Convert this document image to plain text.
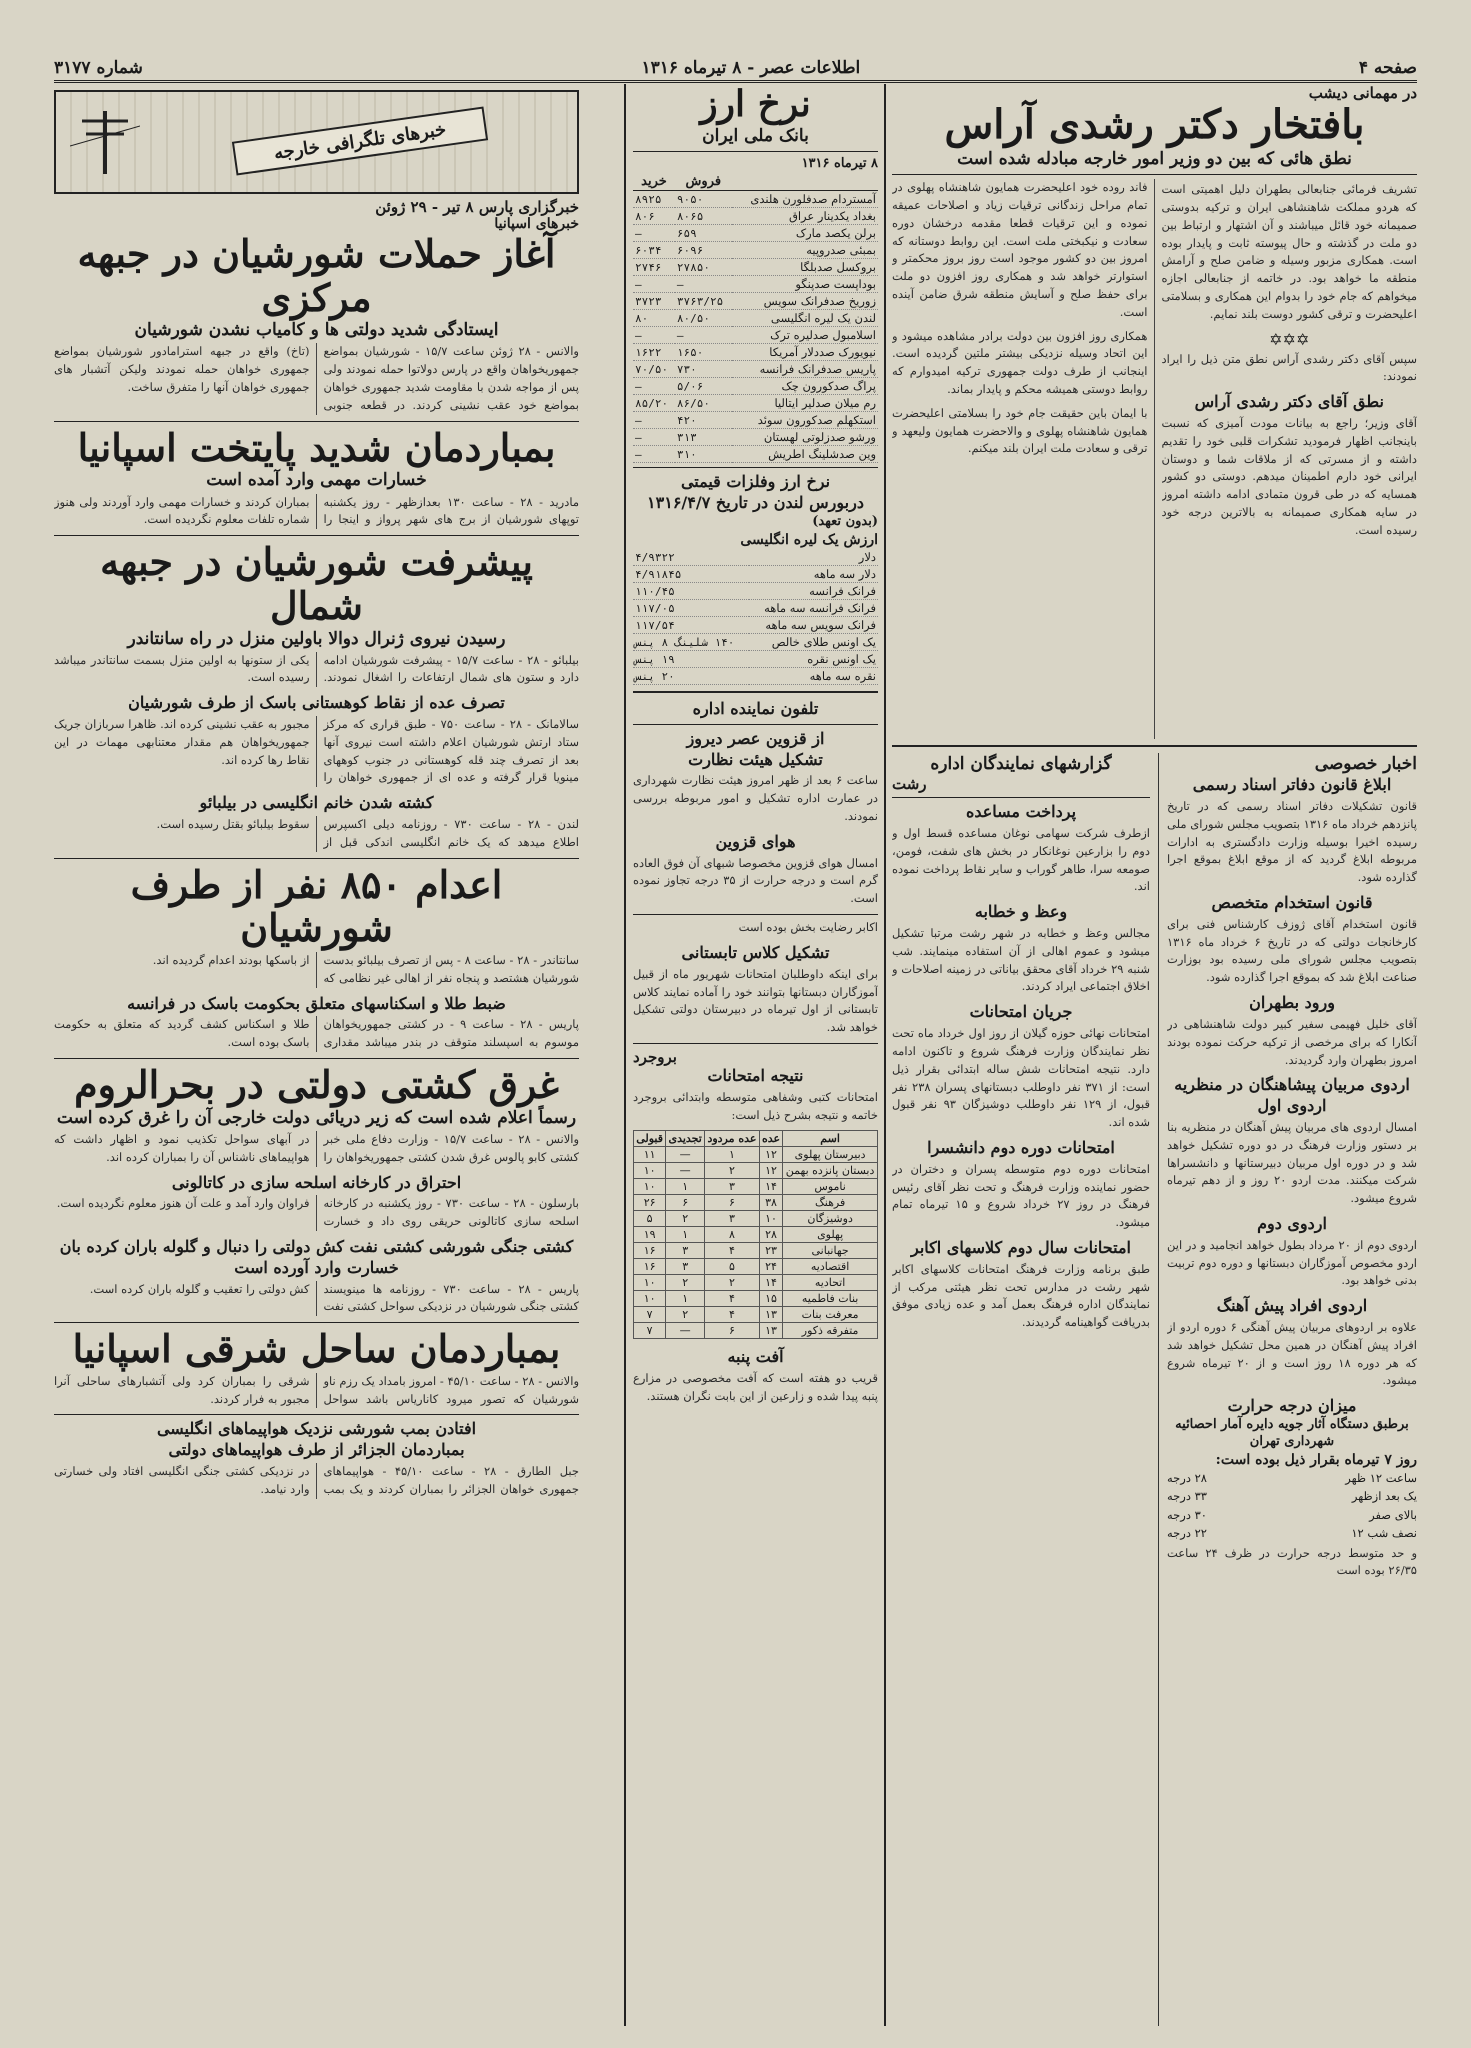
صفحه ۴
اطلاعات عصر - ۸ تیرماه ۱۳۱۶
شماره ۳۱۷۷
در مهمانی دیشب
بافتخار دکتر رشدی آراس
نطق هائی که بین دو وزیر امور خارجه مبادله شده است

تشریف فرمائی جنابعالی بطهران دلیل اهمیتی است که هردو مملکت شاهنشاهی ایران و ترکیه بدوستی صمیمانه خود قائل میباشند و آن اشتهار و ارتباط بین دو ملت در گذشته و حال پیوسته ثابت و پایدار بوده است. همکاری مزبور وسیله و ضامن صلح و آرامش منطقه ما خواهد بود. در خاتمه از جنابعالی اجازه میخواهم که جام خود را بدوام این همکاری و بسلامتی اعلیحضرت و ترقی کشور دوست بلند نمایم.

✡✡✡

سپس آقای دکتر رشدی آراس نطق متن ذیل را ایراد نمودند:

نطق آقای دکتر رشدی آراس

آقای وزیر؛ راجع به بیانات مودت آمیزی که نسبت باینجانب اظهار فرمودید تشکرات قلبی خود را تقدیم داشته و از مسرتی که از ملاقات شما و دوستان ایرانی خود دارم اطمینان میدهم. دوستی دو کشور همسایه که در طی قرون متمادی ادامه داشته امروز در سایه همکاری صمیمانه به بالاترین درجه خود رسیده است.

فاند روده خود اعلیحضرت همایون شاهنشاه پهلوی در تمام مراحل زندگانی ترقیات زیاد و اصلاحات عمیقه نموده و این ترقیات قطعا مقدمه درخشان دوره سعادت و نیکبختی ملت است. این روابط دوستانه که امروز بین دو کشور موجود است روز بروز محکمتر و استوارتر خواهد شد و همکاری روز افزون دو ملت برای حفظ صلح و آسایش منطقه شرق ضامن آینده است.

همکاری روز افزون بین دولت برادر مشاهده میشود و این اتحاد وسیله نزدیکی بیشتر ملتین گردیده است. اینجانب از طرف دولت جمهوری ترکیه امیدوارم که روابط دوستی همیشه محکم و پایدار بماند.

با ایمان باین حقیقت جام خود را بسلامتی اعلیحضرت همایون شاهنشاه پهلوی و والاحضرت همایون ولیعهد و ترقی و سعادت ملت ایران بلند میکنم.

اخبار خصوصی
ابلاغ قانون دفاتر اسناد رسمی

قانون تشکیلات دفاتر اسناد رسمی که در تاریخ پانزدهم خرداد ماه ۱۳۱۶ بتصویب مجلس شورای ملی رسیده اخیرا بوسیله وزارت دادگستری به ادارات مربوطه ابلاغ گردید که از موقع ابلاغ بموقع اجرا گذارده شود.

قانون استخدام متخصص

قانون استخدام آقای ژوزف کارشناس فنی برای کارخانجات دولتی که در تاریخ ۶ خرداد ماه ۱۳۱۶ بتصویب مجلس شورای ملی رسیده بود بوزارت صناعت ابلاغ شد که بموقع اجرا گذارده شود.

ورود بطهران

آقای خلیل فهیمی سفیر کبیر دولت شاهنشاهی در آنکارا که برای مرخصی از ترکیه حرکت نموده بودند امروز بطهران وارد گردیدند.

اردوی مربیان پیشاهنگان در منظریه
اردوی اول

امسال اردوی های مربیان پیش آهنگان در منظریه بنا بر دستور وزارت فرهنگ در دو دوره تشکیل خواهد شد و در دوره اول مربیان دبیرستانها و دانشسراها شرکت میکنند. مدت اردو ۲۰ روز و از دهم تیرماه شروع میشود.

اردوی دوم

اردوی دوم از ۲۰ مرداد بطول خواهد انجامید و در این اردو مخصوص آموزگاران دبستانها و دوره دوم تربیت بدنی خواهد بود.

اردوی افراد پیش آهنگ

علاوه بر اردوهای مربیان پیش آهنگی ۶ دوره اردو از افراد پیش آهنگان در همین محل تشکیل خواهد شد که هر دوره ۱۸ روز است و از ۲۰ تیرماه شروع میشود.

میزان درجه حرارت
برطبق دستگاه آثار جویه دایره آمار احصائیه شهرداری تهران
روز ۷ تیرماه بقرار ذیل بوده است:
ساعت ۱۲ ظهر
۲۸ درجه
یک بعد ازظهر
۳۳ درجه
بالای صفر
۳۰ درجه
نصف شب ۱۲
۲۲ درجه

و حد متوسط درجه حرارت در ظرف ۲۴ ساعت ۲۶/۳۵ بوده است

گزارشهای نمایندگان اداره
رشت
پرداخت مساعده

ازطرف شرکت سهامی نوغان مساعده قسط اول و دوم را بزارعین نوغانکار در بخش های شفت، فومن، صومعه سرا، طاهر گوراب و سایر نقاط پرداخت نموده اند.

وعظ و خطابه

مجالس وعظ و خطابه در شهر رشت مرتبا تشکیل میشود و عموم اهالی از آن استفاده مینمایند. شب شنبه ۲۹ خرداد آقای محقق بیاناتی در زمینه اصلاحات و اخلاق اجتماعی ایراد کردند.

جریان امتحانات

امتحانات نهائی حوزه گیلان از روز اول خرداد ماه تحت نظر نمایندگان وزارت فرهنگ شروع و تاکنون ادامه دارد. نتیجه امتحانات شش ساله ابتدائی بقرار ذیل است: از ۳۷۱ نفر داوطلب دبستانهای پسران ۲۳۸ نفر قبول، از ۱۲۹ نفر داوطلب دوشیزگان ۹۳ نفر قبول شده اند.

امتحانات دوره دوم دانشسرا

امتحانات دوره دوم متوسطه پسران و دختران در حضور نماینده وزارت فرهنگ و تحت نظر آقای رئیس فرهنگ در روز ۲۷ خرداد شروع و ۱۵ تیرماه تمام میشود.

امتحانات سال دوم کلاسهای اکابر

طبق برنامه وزارت فرهنگ امتحانات کلاسهای اکابر شهر رشت در مدارس تحت نظر هیئتی مرکب از نمایندگان اداره فرهنگ بعمل آمد و عده زیادی موفق بدریافت گواهینامه گردیدند.

نرخ ارز
بانک ملی ایران
۸ تیرماه ۱۳۱۶
	فروش	خرید
آمستردام صدفلورن هلندی	۹۰۵۰	۸۹۲۵
بغداد یکدینار عراق	۸۰۶۵	۸۰۶
برلن یکصد مارک	۶۵۹	—
بمبئی صدروپیه	۶۰۹۶	۶۰۳۴
بروکسل صدبلگا	۲۷۸۵۰	۲۷۴۶
بوداپست صدپنگو	—	—
زوریخ صدفرانک سویس	۳۷۶۳/۲۵	۳۷۲۳
لندن یک لیره انگلیسی	۸۰/۵۰	۸۰
اسلامبول صدلیره ترک	—	—
نیویورک صددلار آمریکا	۱۶۵۰	۱۶۲۲
پاریس صدفرانک فرانسه	۷۳۰	۷۰/۵۰
پراگ صدکورون چک	۵/۰۶	—
رم میلان صدلیر ایتالیا	۸۶/۵۰	۸۵/۲۰
استکهلم صدکورون سوئد	۴۲۰	—
ورشو صدزلوتی لهستان	۳۱۳	—
وین صدشلینگ اطریش	۳۱۰	—
نرخ ارز وفلزات قیمتی
دربورس لندن در تاریخ ۱۳۱۶/۴/۷
(بدون تعهد)
ارزش یک لیره انگلیسی
دلار	۴/۹۳۲۲
دلار سه ماهه	۴/۹۱۸۴۵
فرانک فرانسه	۱۱۰/۴۵
فرانک فرانسه سه ماهه	۱۱۷/۰۵
فرانک سویس سه ماهه	۱۱۷/۵۴
یک اونس طلای خالص	۱۴۰ شلینگ ۸ پنس
یک اونس نقره	۱۹ پنس
نقره سه ماهه	۲۰ پنس
تلفون نماینده اداره
از قزوین عصر دیروز
تشکیل هیئت نظارت

ساعت ۶ بعد از ظهر امروز هیئت نظارت شهرداری در عمارت اداره تشکیل و امور مربوطه بررسی نمودند.

هوای قزوین

امسال هوای قزوین مخصوصا شبهای آن فوق العاده گرم است و درجه حرارت از ۳۵ درجه تجاوز نموده است.

اکابر رضایت بخش بوده است

تشکیل کلاس تابستانی

برای اینکه داوطلبان امتحانات شهریور ماه از قبیل آموزگاران دبستانها بتوانند خود را آماده نمایند کلاس تابستانی از اول تیرماه در دبیرستان دولتی تشکیل خواهد شد.

بروجرد
نتیجه امتحانات

امتحانات کتبی وشفاهی متوسطه وابتدائی بروجرد خاتمه و نتیجه بشرح ذیل است:

اسم	عده	عده مردود	تجدیدی	قبولی
دبیرستان پهلوی	۱۲	۱	—	۱۱
دبستان پانزده بهمن	۱۲	۲	—	۱۰
ناموس	۱۴	۳	۱	۱۰
فرهنگ	۳۸	۶	۶	۲۶
دوشیزگان	۱۰	۳	۲	۵
پهلوی	۲۸	۸	۱	۱۹
جهانبانی	۲۳	۴	۳	۱۶
اقتصادیه	۲۴	۵	۳	۱۶
اتحادیه	۱۴	۲	۲	۱۰
بنات فاطمیه	۱۵	۴	۱	۱۰
معرفت بنات	۱۳	۴	۲	۷
متفرقه ذکور	۱۳	۶	—	۷
آفت پنبه

قریب دو هفته است که آفت مخصوصی در مزارع پنبه پیدا شده و زارعین از این بابت نگران هستند.

خبرهای تلگرافی خارجه
خبرگزاری پارس ۸ تیر - ۲۹ ژوئن
خبرهای اسپانیا
آغاز حملات شورشیان در جبهه مرکزی
ایستادگی شدید دولتی ها و کامیاب نشدن شورشیان

والانس - ۲۸ ژوئن ساعت ۱۵/۷ - شورشیان بمواضع جمهوریخواهان واقع در پارس دولاتوا حمله نمودند ولی پس از مواجه شدن با مقاومت شدید جمهوری خواهان بمواضع خود عقب نشینی کردند. در قطعه جنوبی (تاخ) واقع در جبهه استرامادور شورشیان بمواضع جمهوری خواهان حمله نمودند ولیکن آتشبار های جمهوری خواهان آنها را متفرق ساخت.

بمباردمان شدید پایتخت اسپانیا
خسارات مهمی وارد آمده است

مادرید - ۲۸ - ساعت ۱۳۰ بعدازظهر - روز یکشنبه توپهای شورشیان از برج های شهر پرواز و اینجا را بمباران کردند و خسارات مهمی وارد آوردند ولی هنوز شماره تلفات معلوم نگردیده است.

پیشرفت شورشیان در جبهه شمال
رسیدن نیروی ژنرال دوالا باولین منزل در راه سانتاندر

بیلبائو - ۲۸ - ساعت ۱۵/۷ - پیشرفت شورشیان ادامه دارد و ستون های شمال ارتفاعات را اشغال نمودند. یکی از ستونها به اولین منزل بسمت سانتاندر میباشد رسیده است.

تصرف عده از نقاط کوهستانی باسک از طرف شورشیان

سالامانک - ۲۸ - ساعت ۷۵۰ - طبق قراری که مرکز ستاد ارتش شورشیان اعلام داشته است نیروی آنها بعد از تصرف چند قله کوهستانی در جنوب کوههای مینویا قرار گرفته و عده ای از جمهوری خواهان را مجبور به عقب نشینی کرده اند. ظاهرا سربازان جریک جمهوریخواهان هم مقدار معتنابهی مهمات در این نقاط رها کرده اند.

کشته شدن خانم انگلیسی در بیلبائو

لندن - ۲۸ - ساعت ۷۳۰ - روزنامه دیلی اکسپرس اطلاع میدهد که یک خانم انگلیسی اندکی قبل از سقوط بیلبائو بقتل رسیده است.

اعدام ۸۵۰ نفر از طرف شورشیان

سانتاندر - ۲۸ - ساعت ۸ - پس از تصرف بیلبائو بدست شورشیان هشتصد و پنجاه نفر از اهالی غیر نظامی که از باسکها بودند اعدام گردیده اند.

ضبط طلا و اسکناسهای متعلق بحکومت باسک در فرانسه

پاریس - ۲۸ - ساعت ۹ - در کشتی جمهوریخواهان موسوم به اسپسلند متوقف در بندر میباشد مقداری طلا و اسکناس کشف گردید که متعلق به حکومت باسک بوده است.

غرق کشتی دولتی در بحرالروم
رسماً اعلام شده است که زیر دریائی دولت خارجی آن را غرق کرده است

والانس - ۲۸ - ساعت ۱۵/۷ - وزارت دفاع ملی خبر کشتی کابو پالوس غرق شدن کشتی جمهوریخواهان را در آبهای سواحل تکذیب نمود و اظهار داشت که هواپیماهای ناشناس آن را بمباران کرده اند.

احتراق در کارخانه اسلحه سازی در کاتالونی

بارسلون - ۲۸ - ساعت ۷۳۰ - روز یکشنبه در کارخانه اسلحه سازی کاتالونی حریقی روی داد و خسارت فراوان وارد آمد و علت آن هنوز معلوم نگردیده است.

کشتی جنگی شورشی کشتی نفت کش دولتی را دنبال و گلوله باران کرده بان خسارت وارد آورده است

پاریس - ۲۸ - ساعت ۷۳۰ - روزنامه ها مینویسند کشتی جنگی شورشیان در نزدیکی سواحل کشتی نفت کش دولتی را تعقیب و گلوله باران کرده است.

بمباردمان ساحل شرقی اسپانیا

والانس - ۲۸ - ساعت ۴۵/۱۰ - امروز بامداد یک رزم ناو شورشیان که تصور میرود کاناریاس باشد سواحل شرقی را بمباران کرد ولی آتشبارهای ساحلی آنرا مجبور به فرار کردند.

افتادن بمب شورشی نزدیک هواپیماهای انگلیسی
بمباردمان الجزائر از طرف هواپیماهای دولتی

جبل الطارق - ۲۸ - ساعت ۴۵/۱۰ - هواپیماهای جمهوری خواهان الجزائر را بمباران کردند و یک بمب در نزدیکی کشتی جنگی انگلیسی افتاد ولی خسارتی وارد نیامد.
